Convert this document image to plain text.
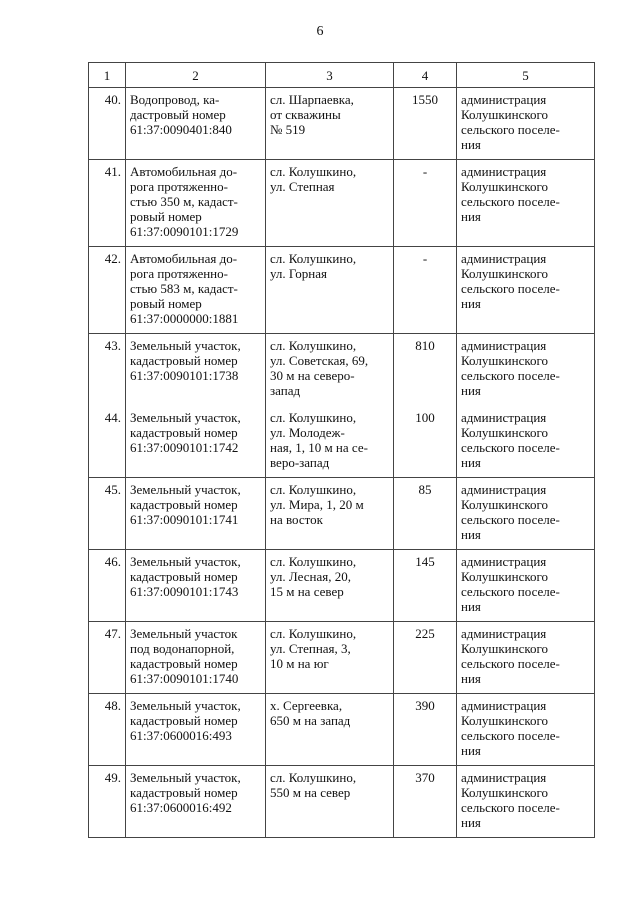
6
1	2	3	4	5
40.	Водопровод, ка-
дастровый номер
61:37:0090401:840	сл. Шарпаевка,
от скважины
№ 519	1550	администрация
Колушкинского
сельского поселе-
ния
41.	Автомобильная до-
рога протяженно-
стью 350 м, кадаст-
ровый номер
61:37:0090101:1729	сл. Колушкино,
ул. Степная	-	администрация
Колушкинского
сельского поселе-
ния
42.	Автомобильная до-
рога протяженно-
стью 583 м, кадаст-
ровый номер
61:37:0000000:1881	сл. Колушкино,
ул. Горная	-	администрация
Колушкинского
сельского поселе-
ния
43.	Земельный участок,
кадастровый номер
61:37:0090101:1738	сл. Колушкино,
ул. Советская, 69,
30 м на северо-
запад	810	администрация
Колушкинского
сельского поселе-
ния
44.	Земельный участок,
кадастровый номер
61:37:0090101:1742	сл. Колушкино,
ул. Молодеж-
ная, 1, 10 м на се-
веро-запад	100	администрация
Колушкинского
сельского поселе-
ния
45.	Земельный участок,
кадастровый номер
61:37:0090101:1741	сл. Колушкино,
ул. Мира, 1, 20 м
на восток	85	администрация
Колушкинского
сельского поселе-
ния
46.	Земельный участок,
кадастровый номер
61:37:0090101:1743	сл. Колушкино,
ул. Лесная, 20,
15 м на север	145	администрация
Колушкинского
сельского поселе-
ния
47.	Земельный участок
под водонапорной,
кадастровый номер
61:37:0090101:1740	сл. Колушкино,
ул. Степная, 3,
10 м на юг	225	администрация
Колушкинского
сельского поселе-
ния
48.	Земельный участок,
кадастровый номер
61:37:0600016:493	х. Сергеевка,
650 м на запад	390	администрация
Колушкинского
сельского поселе-
ния
49.	Земельный участок,
кадастровый номер
61:37:0600016:492	сл. Колушкино,
550 м на север	370	администрация
Колушкинского
сельского поселе-
ния
